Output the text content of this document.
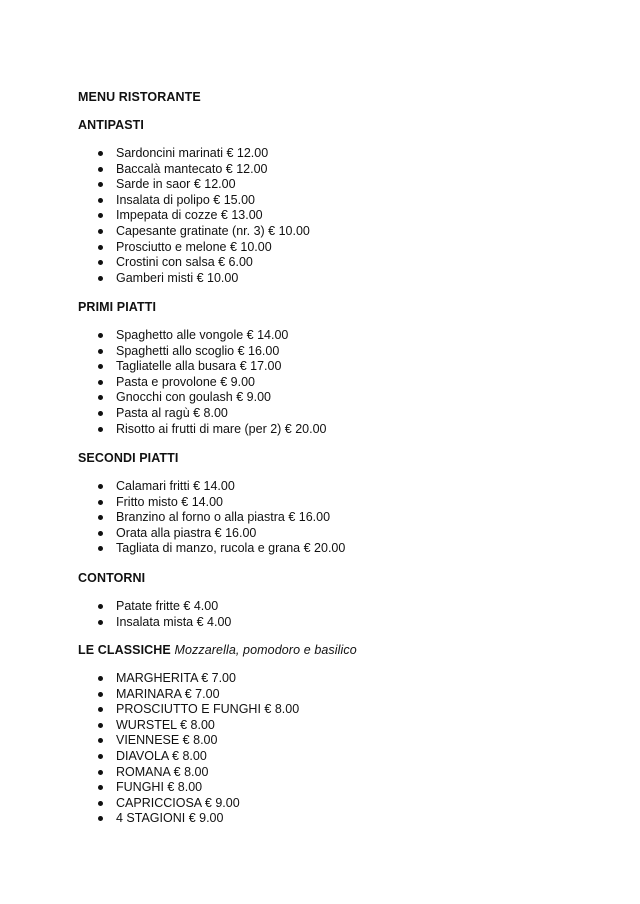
MENU RISTORANTE
ANTIPASTI
Sardoncini marinati € 12.00
Baccalà mantecato € 12.00
Sarde in saor € 12.00
Insalata di polipo € 15.00
Impepata di cozze € 13.00
Capesante gratinate (nr. 3) € 10.00
Prosciutto e melone € 10.00
Crostini con salsa € 6.00
Gamberi misti € 10.00
PRIMI PIATTI
Spaghetto alle vongole € 14.00
Spaghetti allo scoglio € 16.00
Tagliatelle alla busara € 17.00
Pasta e provolone € 9.00
Gnocchi con goulash € 9.00
Pasta al ragù € 8.00
Risotto ai frutti di mare (per 2) € 20.00
SECONDI PIATTI
Calamari fritti € 14.00
Fritto misto € 14.00
Branzino al forno o alla piastra € 16.00
Orata alla piastra € 16.00
Tagliata di manzo, rucola e grana € 20.00
CONTORNI
Patate fritte € 4.00
Insalata mista € 4.00
LE CLASSICHE Mozzarella, pomodoro e basilico
MARGHERITA € 7.00
MARINARA € 7.00
PROSCIUTTO E FUNGHI € 8.00
WURSTEL € 8.00
VIENNESE € 8.00
DIAVOLA € 8.00
ROMANA € 8.00
FUNGHI € 8.00
CAPRICCIOSA € 9.00
4 STAGIONI € 9.00
